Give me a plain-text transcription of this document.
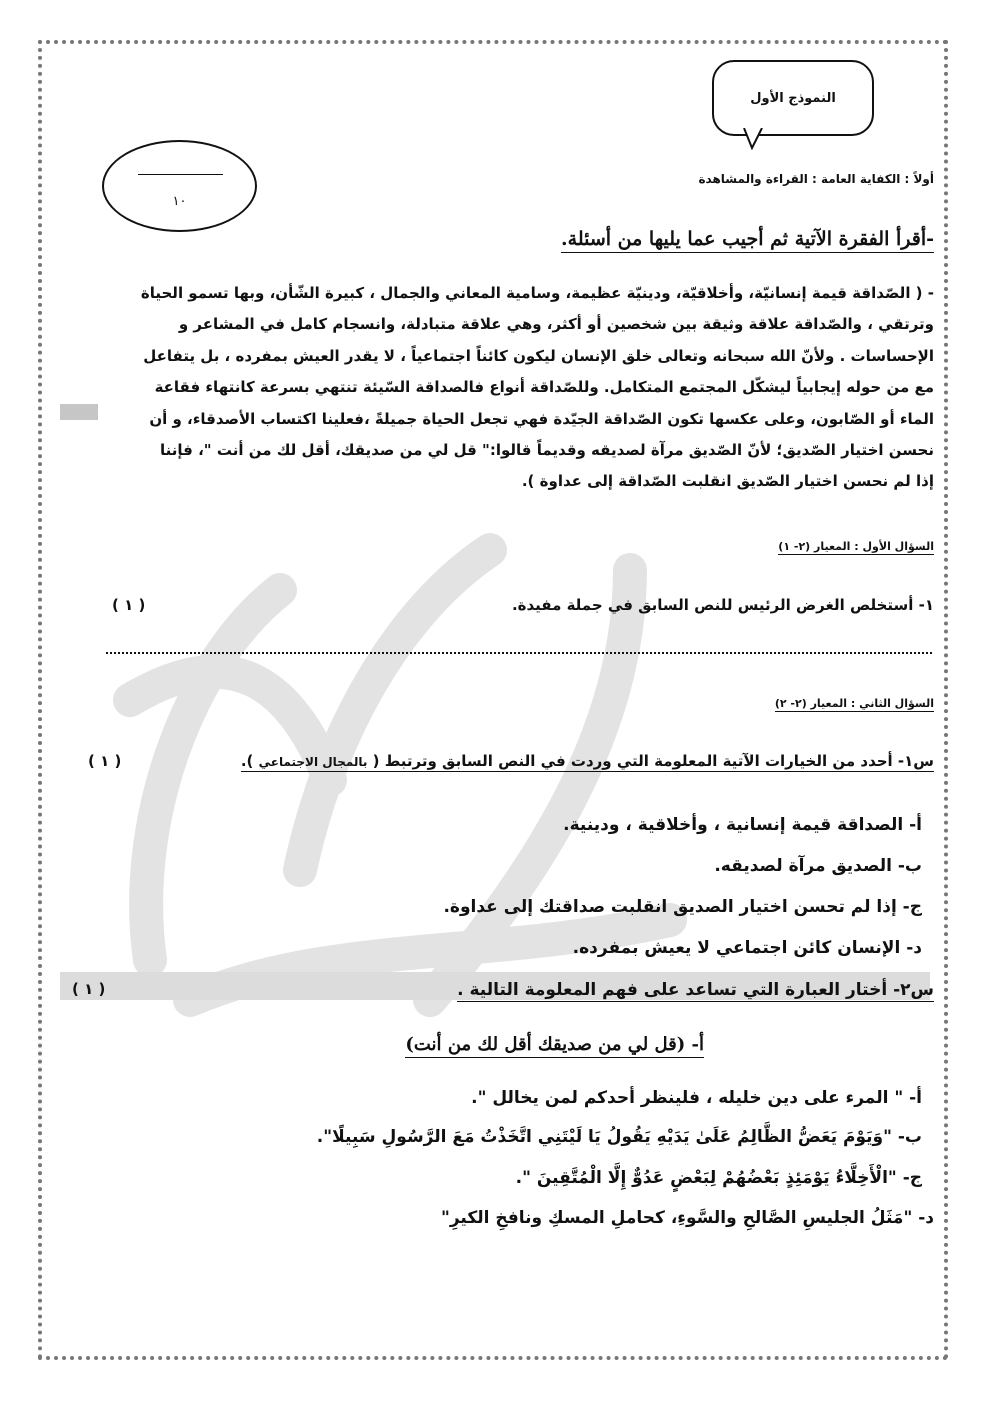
النموذج الأول
١٠
أولاً : الكفاية العامة : القراءة والمشاهدة
-أقرأ الفقرة الآتية ثم أجيب عما يليها من أسئلة.

- ( الصّداقة قيمة إنسانيّة، وأخلاقيّة، ودينيّة عظيمة، وسامية المعاني والجمال ، كبيرة الشّأن، وبها تسمو الحياة

وترتقي ، والصّداقة علاقة وثيقة بين شخصين أو أكثر، وهي علاقة متبادلة، وانسجام كامل في المشاعر و

الإحساسات . ولأنّ الله سبحانه وتعالى خلق الإنسان ليكون كائناً اجتماعياً ، لا يقدر العيش بمفرده ، بل يتفاعل

مع من حوله إيجابياً ليشكّل المجتمع المتكامل. وللصّداقة أنواع فالصداقة السّيئة تنتهي بسرعة كانتهاء فقاعة

الماء أو الصّابون، وعلى عكسها تكون الصّداقة الجيّدة فهي تجعل الحياة جميلةً ،فعلينا اكتساب الأصدقاء، و أن

نحسن اختيار الصّديق؛ لأنّ الصّديق مرآة لصديقه وقديماً قالوا:" قل لي من صديقك، أقل لك من أنت "، فإننا

إذا لم نحسن اختيار الصّديق انقلبت الصّداقة إلى عداوة ).

السؤال الأول : المعيار (٢- ١)
١- أستخلص الغرض الرئيس للنص السابق في جملة مفيدة.
( ١ )
السؤال الثاني : المعيار (٢- ٢)
س١- أحدد من الخيارات الآتية المعلومة التي وردت في النص السابق وترتبط ( بالمجال الاجتماعي ).
( ١ )
أ- الصداقة قيمة إنسانية ، وأخلاقية ، ودينية.
ب- الصديق مرآة لصديقه.
ج- إذا لم تحسن اختيار الصديق انقلبت صداقتك إلى عداوة.
د- الإنسان كائن اجتماعي لا يعيش بمفرده.
س٢- أختار العبارة التي تساعد على فهم المعلومة التالية .
( ١ )
أ- (قل لي من صديقك أقل لك من أنت)
أ- " المرء على دين خليله ، فلينظر أحدكم لمن يخالل ".
ب- "وَيَوْمَ يَعَضُّ الظَّالِمُ عَلَىٰ يَدَيْهِ يَقُولُ يَا لَيْتَنِي اتَّخَذْتُ مَعَ الرَّسُولِ سَبِيلًا".
ج- "الْأَخِلَّاءُ يَوْمَئِذٍ بَعْضُهُمْ لِبَعْضٍ عَدُوٌّ إِلَّا الْمُتَّقِينَ ".
د- "مَثَلُ الجليسِ الصَّالحِ والسَّوءِ، كحاملِ المسكِ ونافخِ الكيرِ"
